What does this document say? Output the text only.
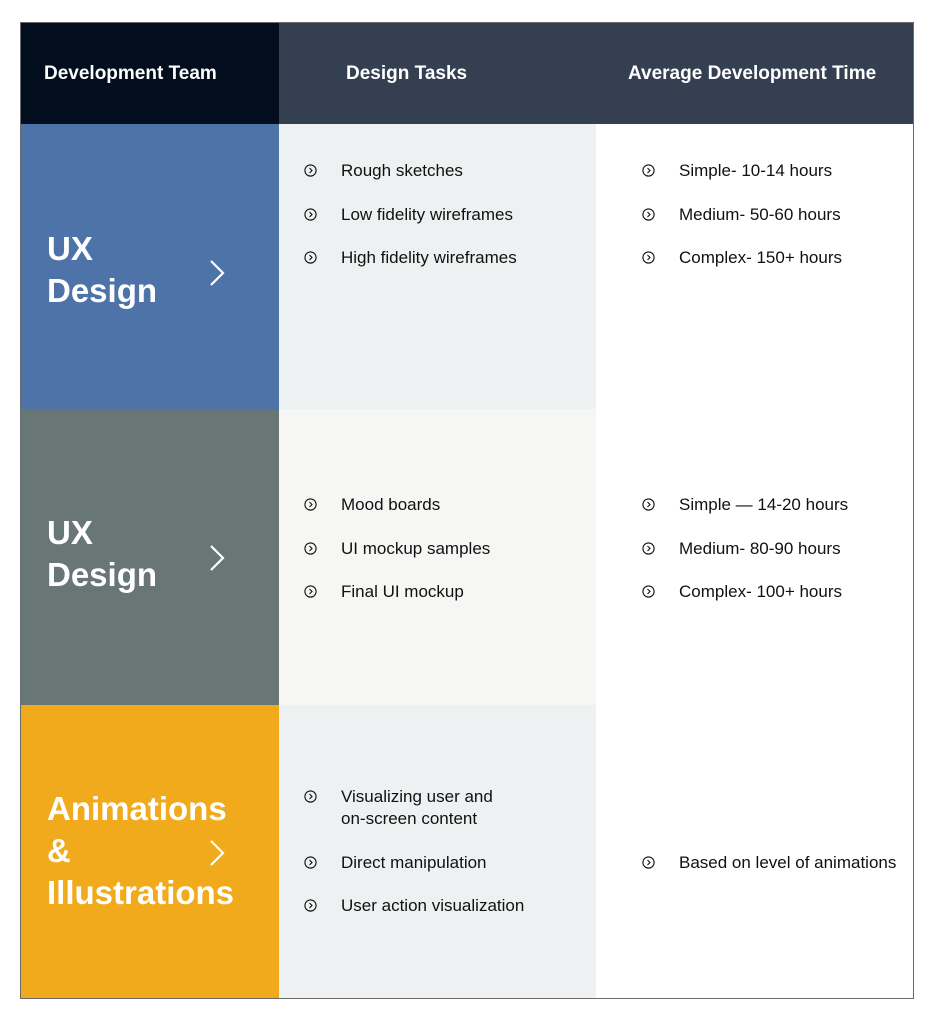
Development Team	Design Tasks	Average Development Time
UX
Design
Rough sketches
Low fidelity wireframes
High fidelity wireframes
Simple- 10-14 hours
Medium- 50-60 hours
Complex- 150+ hours
UX
Design
Mood boards
UI mockup samples
Final UI mockup
Simple — 14-20 hours
Medium- 80-90 hours
Complex- 100+ hours
Animations
&
Illustrations
Visualizing user and
on-screen content
Direct manipulation
User action visualization
Based on level of animations
